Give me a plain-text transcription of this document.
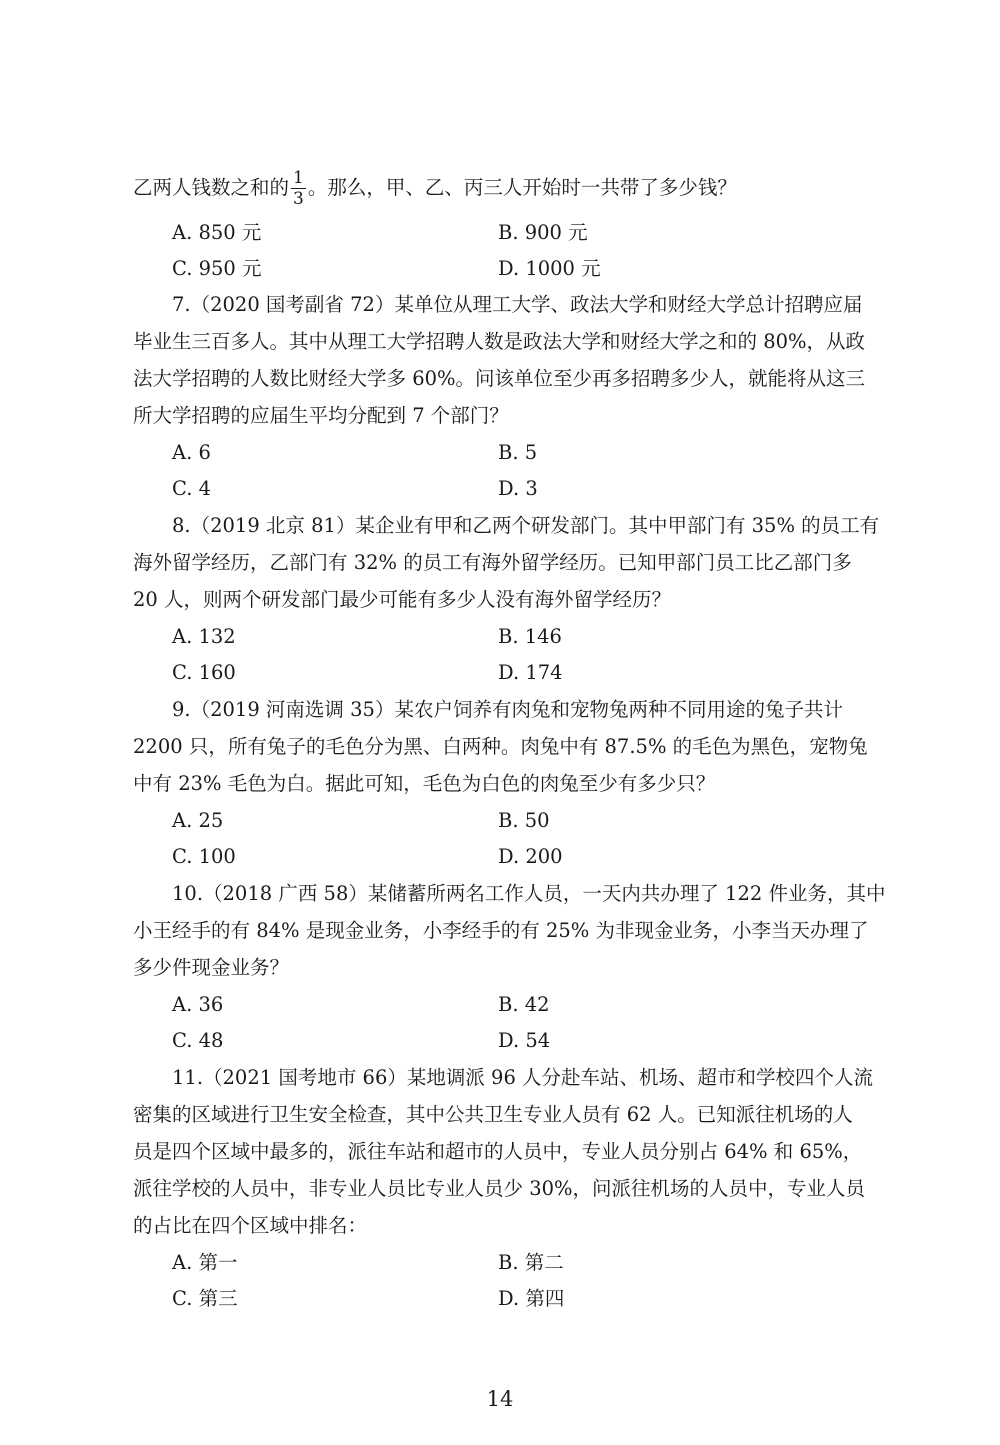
乙两人钱数之和的 $\frac{1}{3}$ 。那么，甲、乙、丙三人开始时一共带了多少钱？
A. 850 元	B. 900 元
C. 950 元	D. 1000 元
7.（2020 国考副省 72）某单位从理工大学、政法大学和财经大学总计招聘应届
毕业生三百多人。其中从理工大学招聘人数是政法大学和财经大学之和的 80%，从政
法大学招聘的人数比财经大学多 60%。问该单位至少再多招聘多少人，就能将从这三
所大学招聘的应届生平均分配到 7 个部门？
A. 6	B. 5
C. 4	D. 3
8.（2019 北京 81）某企业有甲和乙两个研发部门。其中甲部门有 35% 的员工有
海外留学经历，乙部门有 32% 的员工有海外留学经历。已知甲部门员工比乙部门多
20 人，则两个研发部门最少可能有多少人没有海外留学经历？
A. 132	B. 146
C. 160	D. 174
9.（2019 河南选调 35）某农户饲养有肉兔和宠物兔两种不同用途的兔子共计
2200 只，所有兔子的毛色分为黑、白两种。肉兔中有 87.5% 的毛色为黑色，宠物兔
中有 23% 毛色为白。据此可知，毛色为白色的肉兔至少有多少只？
A. 25	B. 50
C. 100	D. 200
10.（2018 广西 58）某储蓄所两名工作人员，一天内共办理了 122 件业务，其中
小王经手的有 84% 是现金业务，小李经手的有 25% 为非现金业务，小李当天办理了
多少件现金业务？
A. 36	B. 42
C. 48	D. 54
11.（2021 国考地市 66）某地调派 96 人分赴车站、机场、超市和学校四个人流
密集的区域进行卫生安全检查，其中公共卫生专业人员有 62 人。已知派往机场的人
员是四个区域中最多的，派往车站和超市的人员中，专业人员分别占 64% 和 65%，
派往学校的人员中，非专业人员比专业人员少 30%，问派往机场的人员中，专业人员
的占比在四个区域中排名：
A. 第一	B. 第二
C. 第三	D. 第四
14
